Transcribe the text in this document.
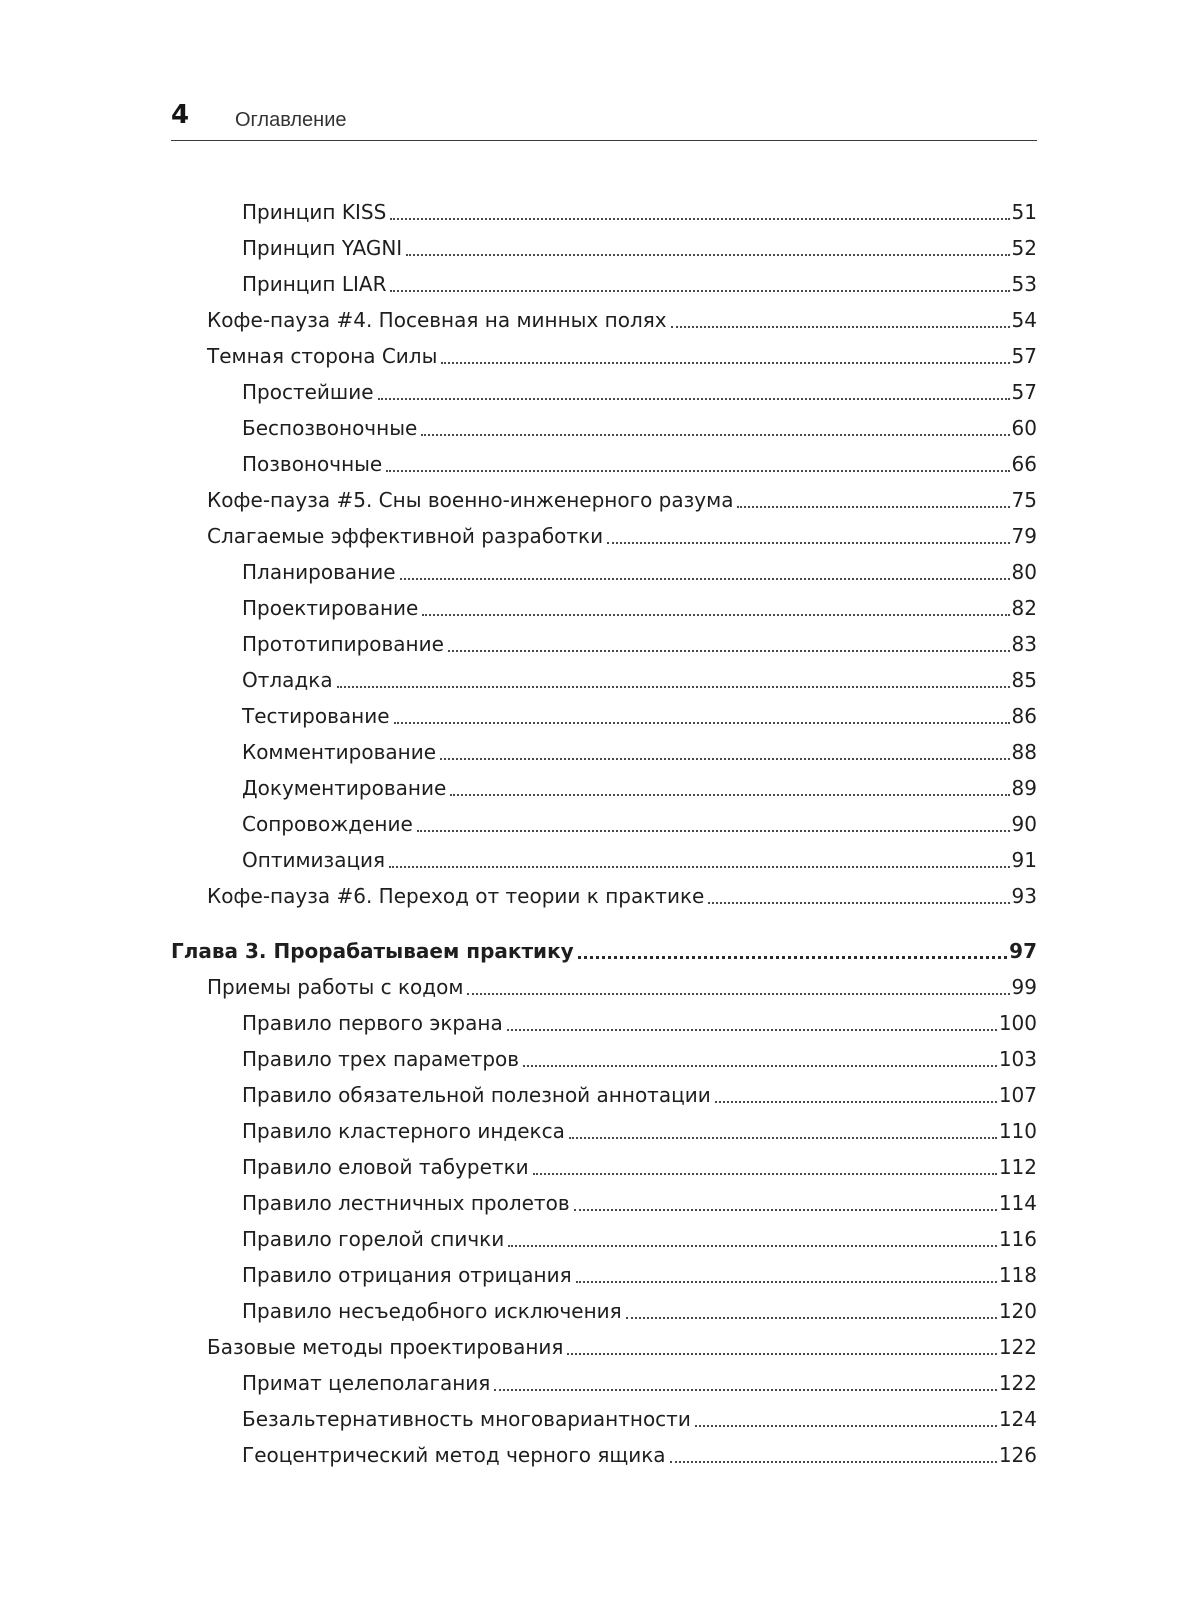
4 Оглавление
Принцип KISS	51
Принцип YAGNI	52
Принцип LIAR	53
Кофе-пауза #4. Посевная на минных полях	54
Темная сторона Силы	57
Простейшие	57
Беспозвоночные	60
Позвоночные	66
Кофе-пауза #5. Сны военно-инженерного разума	75
Слагаемые эффективной разработки	79
Планирование	80
Проектирование	82
Прототипирование	83
Отладка	85
Тестирование	86
Комментирование	88
Документирование	89
Сопровождение	90
Оптимизация	91
Кофе-пауза #6. Переход от теории к практике	93
Глава 3. Прорабатываем практику	97
Приемы работы с кодом	99
Правило первого экрана	100
Правило трех параметров	103
Правило обязательной полезной аннотации	107
Правило кластерного индекса	110
Правило еловой табуретки	112
Правило лестничных пролетов	114
Правило горелой спички	116
Правило отрицания отрицания	118
Правило несъедобного исключения	120
Базовые методы проектирования	122
Примат целеполагания	122
Безальтернативность многовариантности	124
Геоцентрический метод черного ящика	126
